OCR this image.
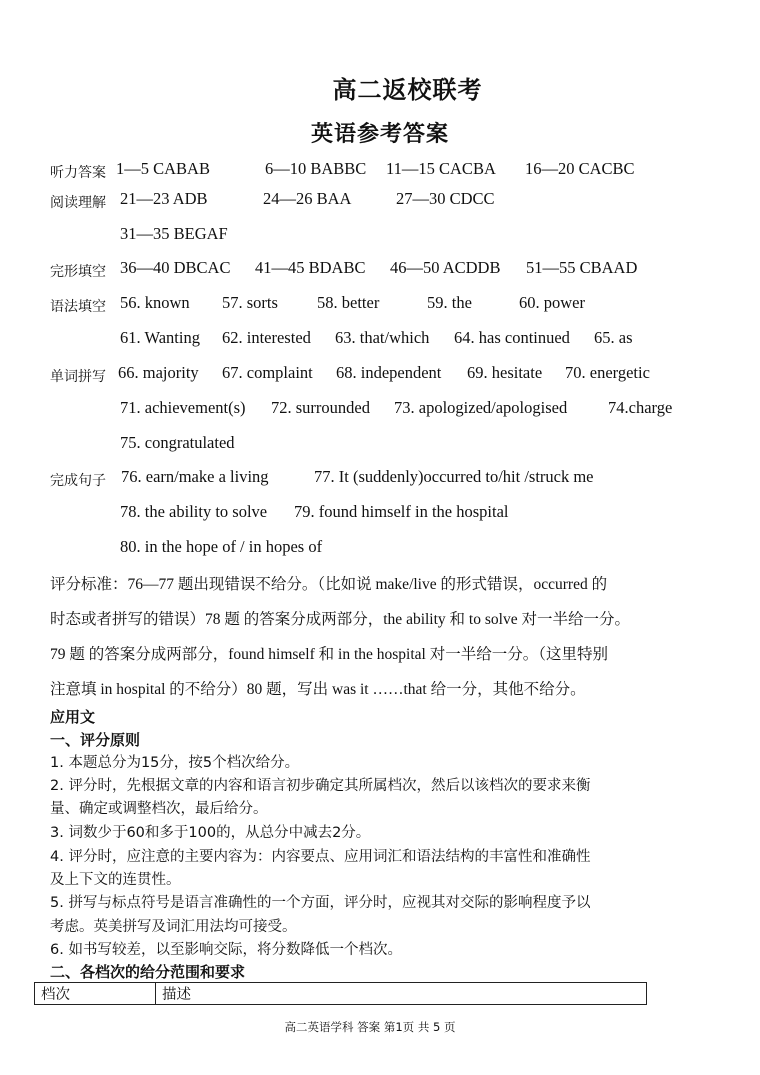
高二返校联考
英语参考答案
听力答案 1—5 CABAB	6—10 BABBC 11—15 CACBA 16—20 CACBC
阅读理解 21—23 ADB	24—26 BAA	27—30 CDCC
31—35 BEGAF
完形填空 36—40 DBCAC 41—45 BDABC 46—50 ACDDB 51—55 CBAAD
语法填空 56. known 57. sorts 58. better	59. the	60. power
61. Wanting 62. interested 63. that/which 64. has continued 65. as
单词拼写 66. majority 67. complaint 68. independent 69. hesitate 70. energetic
71. achievement(s) 72. surrounded 73. apologized/apologised 74.charge
75. congratulated
完成句子 76. earn/make a living	77. It (suddenly)occurred to/hit /struck me
78. the ability to solve 79. found himself in the hospital
80. in the hope of / in hopes of
评分标准：76—77 题出现错误不给分。（比如说 make/live 的形式错误，occurred 的
时态或者拼写的错误）78 题 的答案分成两部分，the ability 和 to solve 对一半给一分。
79 题 的答案分成两部分，found himself 和 in the hospital 对一半给一分。（这里特别
注意填 in hospital 的不给分）80 题，写出 was it ……that 给一分，其他不给分。
应用文
一、评分原则
1. 本题总分为15分，按5个档次给分。
2. 评分时，先根据文章的内容和语言初步确定其所属档次，然后以该档次的要求来衡
量、确定或调整档次，最后给分。
3. 词数少于60和多于100的，从总分中减去2分。
4. 评分时，应注意的主要内容为：内容要点、应用词汇和语法结构的丰富性和准确性
及上下文的连贯性。
5. 拼写与标点符号是语言准确性的一个方面，评分时，应视其对交际的影响程度予以
考虑。英美拼写及词汇用法均可接受。
6. 如书写较差，以至影响交际，将分数降低一个档次。
二、各档次的给分范围和要求
档次	描述
高二英语学科 答案 第1页 共 5 页
